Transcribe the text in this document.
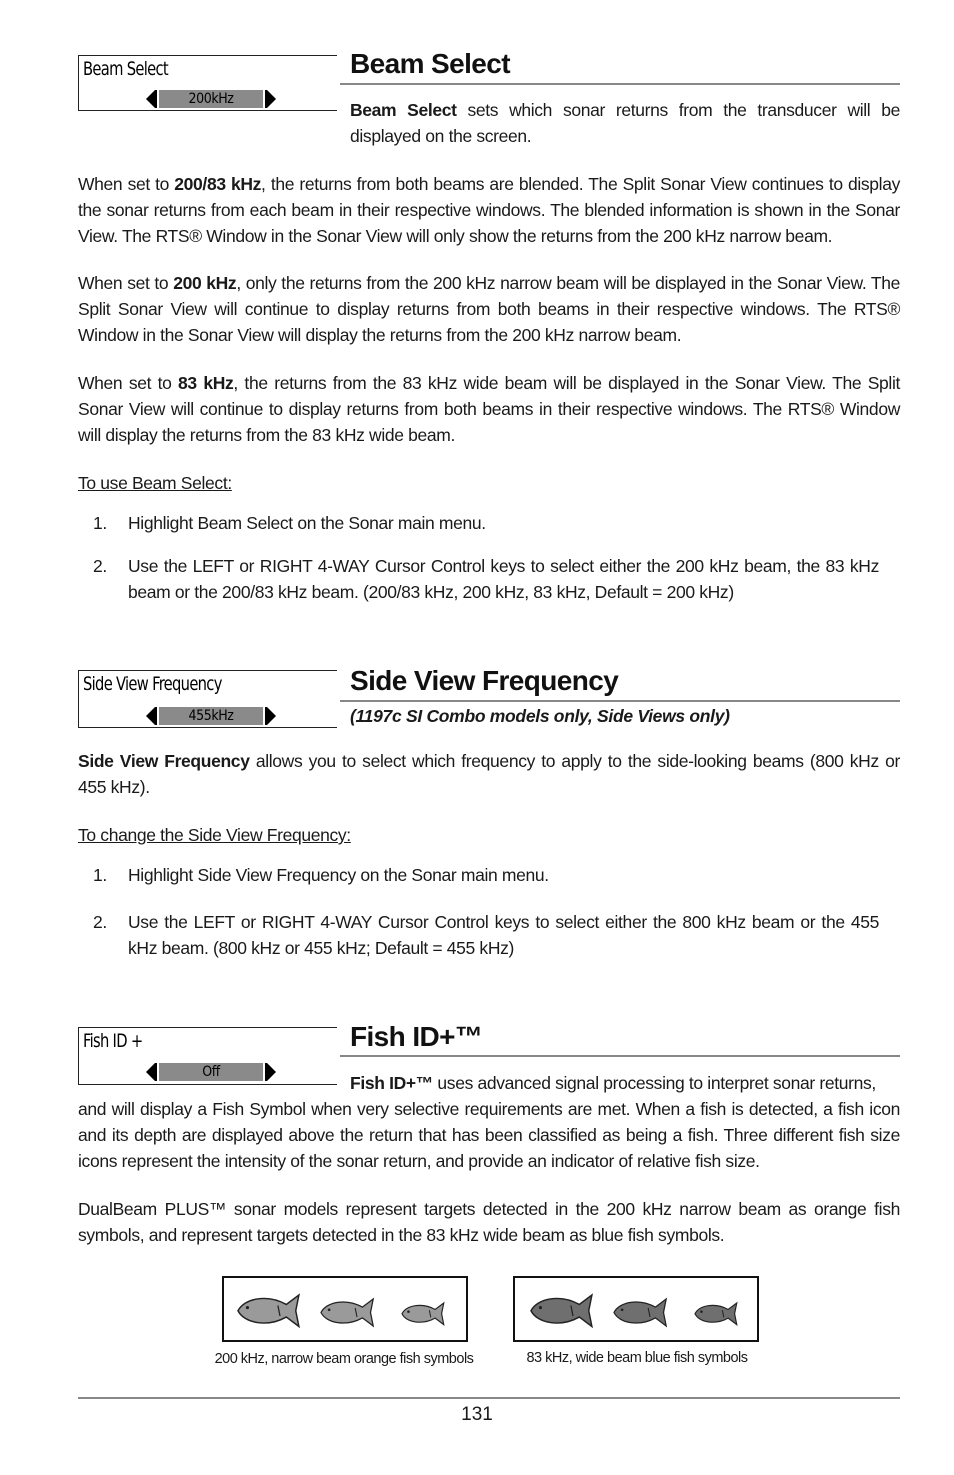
Beam Select
200kHz
Beam Select

Beam Select sets which sonar returns from the transducer will be displayed on the screen.

When set to 200/83 kHz, the returns from both beams are blended. The Split Sonar View continues to display the sonar returns from each beam in their respective windows. The blended information is shown in the Sonar View. The RTS® Window in the Sonar View will only show the returns from the 200 kHz narrow beam.

When set to 200 kHz, only the returns from the 200 kHz narrow beam will be displayed in the Sonar View. The Split Sonar View will continue to display returns from both beams in their respective windows. The RTS® Window in the Sonar View will display the returns from the 200 kHz narrow beam.

When set to 83 kHz, the returns from the 83 kHz wide beam will be displayed in the Sonar View. The Split Sonar View will continue to display returns from both beams in their respective windows. The RTS® Window will display the returns from the 83 kHz wide beam.

To use Beam Select:

1. Highlight Beam Select on the Sonar main menu.
2. Use the LEFT or RIGHT 4-WAY Cursor Control keys to select either the 200 kHz beam, the 83 kHz beam or the 200/83 kHz beam. (200/83 kHz, 200 kHz, 83 kHz, Default = 200 kHz)
Side View Frequency
455kHz
Side View Frequency
(1197c SI Combo models only, Side Views only)

Side View Frequency allows you to select which frequency to apply to the side-looking beams (800 kHz or 455 kHz).

To change the Side View Frequency:

1. Highlight Side View Frequency on the Sonar main menu.
2. Use the LEFT or RIGHT 4-WAY Cursor Control keys to select either the 800 kHz beam or the 455 kHz beam. (800 kHz or 455 kHz; Default = 455 kHz)
Fish ID +
Off
Fish ID+™

Fish ID+™ uses advanced signal processing to interpret sonar returns,

and will display a Fish Symbol when very selective requirements are met. When a fish is detected, a fish icon and its depth are displayed above the return that has been classified as being a fish. Three different fish size icons represent the intensity of the sonar return, and provide an indicator of relative fish size.

DualBeam PLUS™ sonar models represent targets detected in the 200 kHz narrow beam as orange fish symbols, and represent targets detected in the 83 kHz wide beam as blue fish symbols.

200 kHz, narrow beam orange fish symbols	83 kHz, wide beam blue fish symbols
131
